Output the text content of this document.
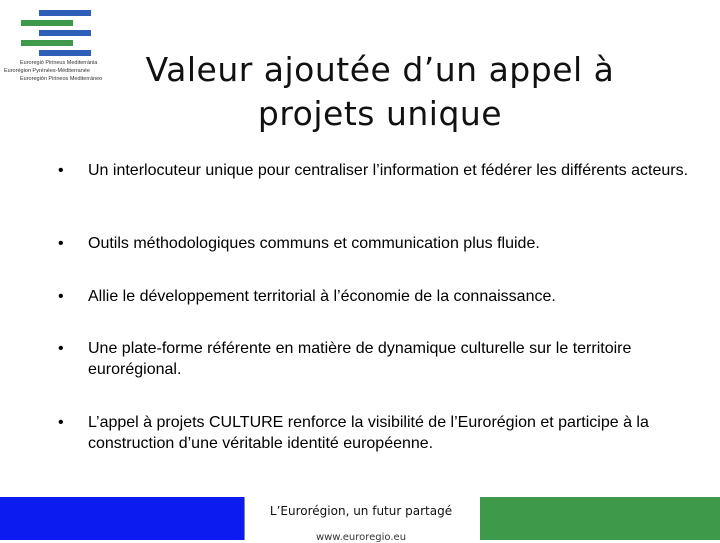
Euroregió Pirineus Mediterrània
Eurorégion Pyrénées-Méditerranée
Euroregión Pirineos Mediterráneo	Valeur ajoutée d’un appel à
projets unique
•	Un interlocuteur unique pour centraliser l’information et fédérer les différents acteurs.
•	Outils méthodologiques communs et communication plus fluide.
•	Allie le développement territorial à l’économie de la connaissance.
•	Une plate-forme référente en matière de dynamique culturelle sur le territoire eurorégional.
•	L’appel à projets CULTURE renforce la visibilité de l’Eurorégion et participe à la construction d’une véritable identité européenne.
L’Eurorégion, un futur partagé
www.euroregio.eu
